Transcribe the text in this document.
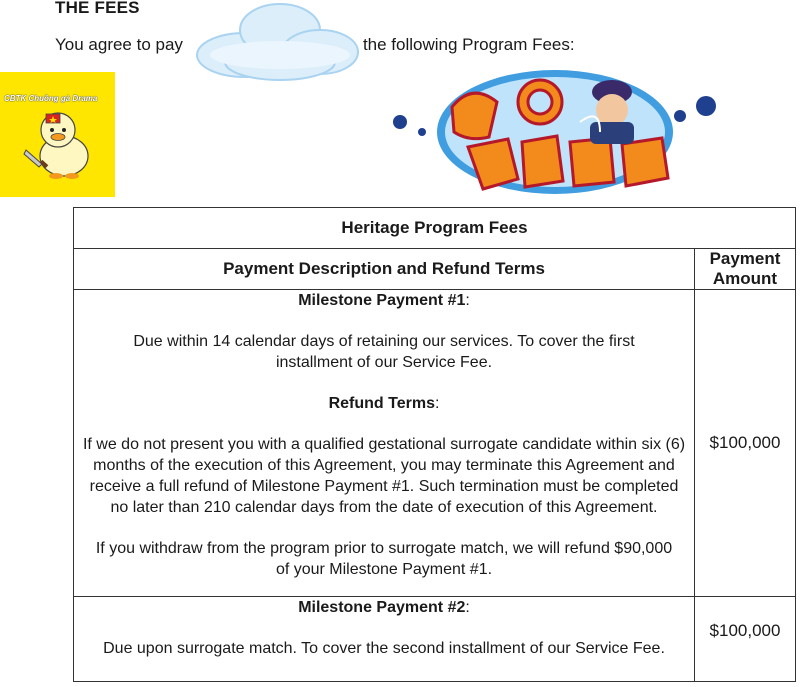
THE FEES
You agree to pay	the following Program Fees:
CBTK Chuồng gà Drama
Heritage Program Fees	
Payment Description and Refund Terms	Payment
Amount

Milestone Payment #1:

Due within 14 calendar days of retaining our services. To cover the first installment of our Service Fee.

Refund Terms:

If we do not present you with a qualified gestational surrogate candidate within six (6) months of the execution of this Agreement, you may terminate this Agreement and receive a full refund of Milestone Payment #1. Such termination must be completed no later than 210 calendar days from the date of execution of this Agreement.

If you withdraw from the program prior to surrogate match, we will refund $90,000 of your Milestone Payment #1.	$100,000

Milestone Payment #2:

Due upon surrogate match. To cover the second installment of our Service Fee.	$100,000
